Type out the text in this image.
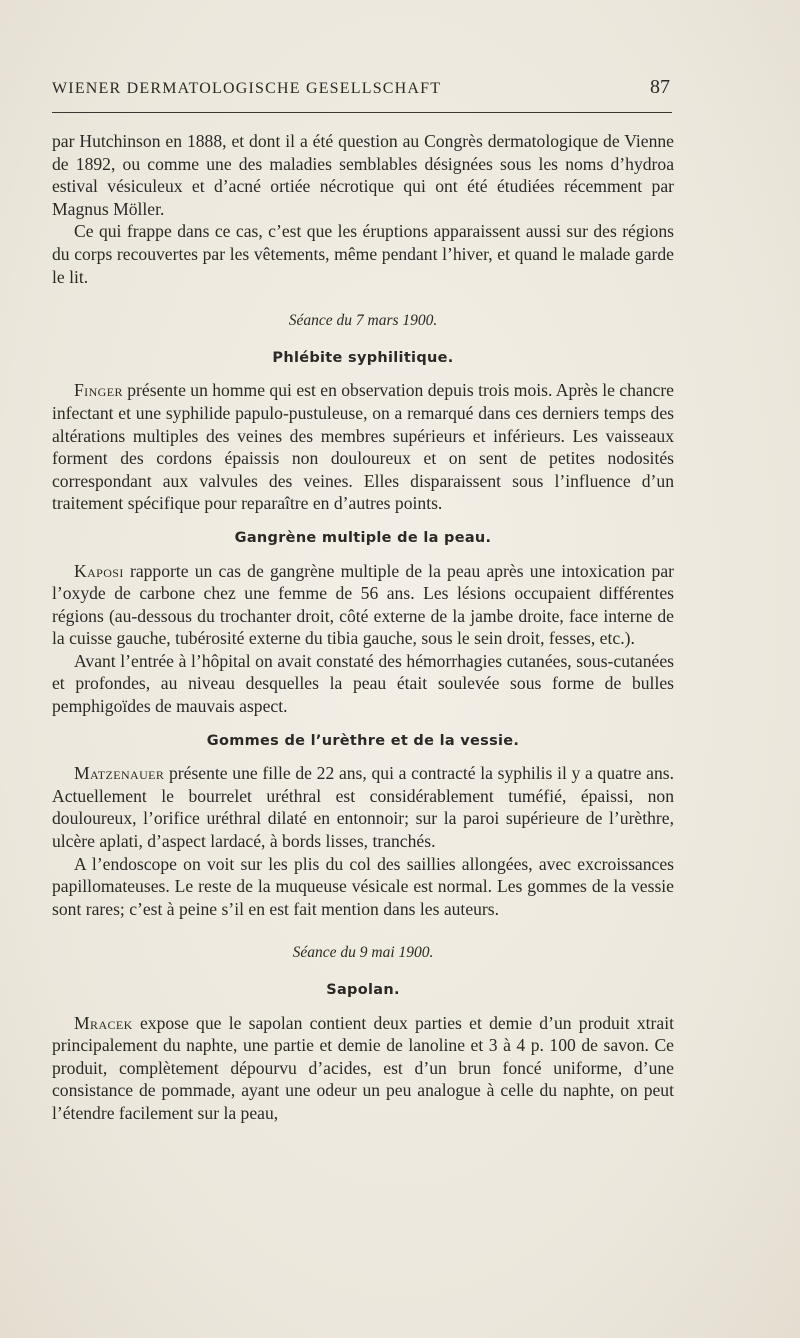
WIENER DERMATOLOGISCHE GESELLSCHAFT	87

par Hutchinson en 1888, et dont il a été question au Congrès dermatologique de Vienne de 1892, ou comme une des maladies semblables désignées sous les noms d’hydroa estival vésiculeux et d’acné ortiée nécrotique qui ont été étudiées récemment par Magnus Möller.

Ce qui frappe dans ce cas, c’est que les éruptions apparaissent aussi sur des régions du corps recouvertes par les vêtements, même pendant l’hiver, et quand le malade garde le lit.

Séance du 7 mars 1900.
Phlébite syphilitique.

Finger présente un homme qui est en observation depuis trois mois. Après le chancre infectant et une syphilide papulo-pustuleuse, on a remarqué dans ces derniers temps des altérations multiples des veines des membres supérieurs et inférieurs. Les vaisseaux forment des cordons épaissis non douloureux et on sent de petites nodosités correspondant aux valvules des veines. Elles disparaissent sous l’influence d’un traitement spécifique pour reparaître en d’autres points.

Gangrène multiple de la peau.

Kaposi rapporte un cas de gangrène multiple de la peau après une intoxication par l’oxyde de carbone chez une femme de 56 ans. Les lésions occupaient différentes régions (au-dessous du trochanter droit, côté externe de la jambe droite, face interne de la cuisse gauche, tubérosité externe du tibia gauche, sous le sein droit, fesses, etc.).

Avant l’entrée à l’hôpital on avait constaté des hémorrhagies cutanées, sous-cutanées et profondes, au niveau desquelles la peau était soulevée sous forme de bulles pemphigoïdes de mauvais aspect.

Gommes de l’urèthre et de la vessie.

Matzenauer présente une fille de 22 ans, qui a contracté la syphilis il y a quatre ans. Actuellement le bourrelet uréthral est considérablement tuméfié, épaissi, non douloureux, l’orifice uréthral dilaté en entonnoir; sur la paroi supérieure de l’urèthre, ulcère aplati, d’aspect lardacé, à bords lisses, tranchés.

A l’endoscope on voit sur les plis du col des saillies allongées, avec excroissances papillomateuses. Le reste de la muqueuse vésicale est normal. Les gommes de la vessie sont rares; c’est à peine s’il en est fait mention dans les auteurs.

Séance du 9 mai 1900.
Sapolan.

Mracek expose que le sapolan contient deux parties et demie d’un produit xtrait principalement du naphte, une partie et demie de lanoline et 3 à 4 p. 100 de savon. Ce produit, complètement dépourvu d’acides, est d’un brun foncé uniforme, d’une consistance de pommade, ayant une odeur un peu analogue à celle du naphte, on peut l’étendre facilement sur la peau,
